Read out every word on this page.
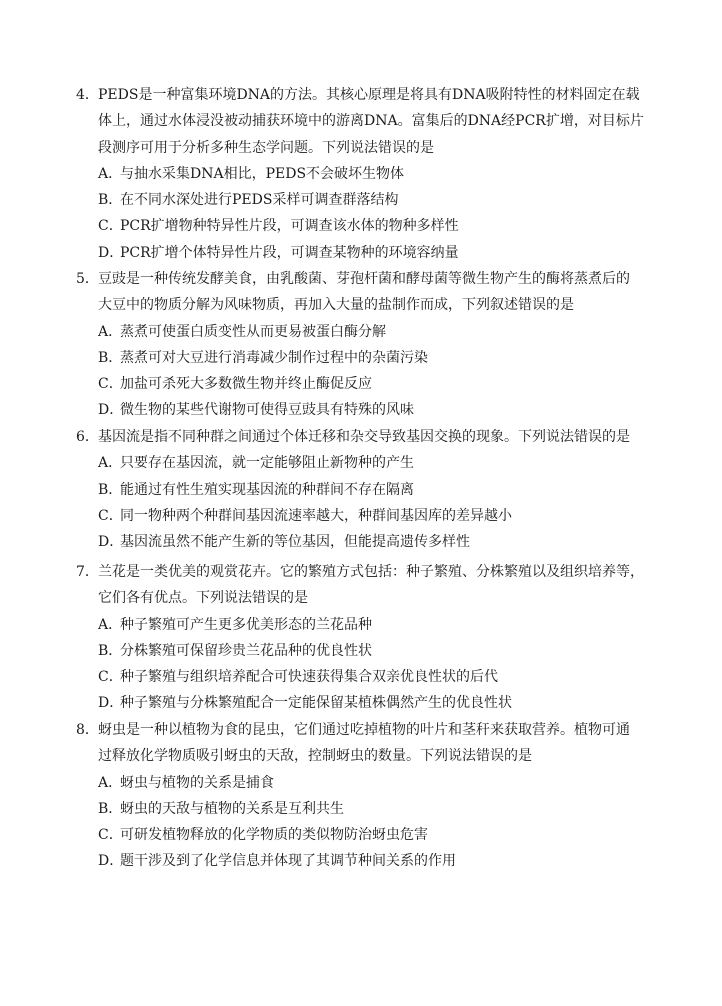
4．PEDS是一种富集环境DNA的方法。其核心原理是将具有DNA吸附特性的材料固定在载
体上，通过水体浸没被动捕获环境中的游离DNA。富集后的DNA经PCR扩增，对目标片
段测序可用于分析多种生态学问题。下列说法错误的是
A．与抽水采集DNA相比，PEDS不会破坏生物体
B．在不同水深处进行PEDS采样可调查群落结构
C．PCR扩增物种特异性片段，可调查该水体的物种多样性
D．PCR扩增个体特异性片段，可调查某物种的环境容纳量
5．豆豉是一种传统发酵美食，由乳酸菌、芽孢杆菌和酵母菌等微生物产生的酶将蒸煮后的
大豆中的物质分解为风味物质，再加入大量的盐制作而成，下列叙述错误的是
A．蒸煮可使蛋白质变性从而更易被蛋白酶分解
B．蒸煮可对大豆进行消毒减少制作过程中的杂菌污染
C．加盐可杀死大多数微生物并终止酶促反应
D．微生物的某些代谢物可使得豆豉具有特殊的风味
6．基因流是指不同种群之间通过个体迁移和杂交导致基因交换的现象。下列说法错误的是
A．只要存在基因流，就一定能够阻止新物种的产生
B．能通过有性生殖实现基因流的种群间不存在隔离
C．同一物种两个种群间基因流速率越大，种群间基因库的差异越小
D．基因流虽然不能产生新的等位基因，但能提高遗传多样性
7．兰花是一类优美的观赏花卉。它的繁殖方式包括：种子繁殖、分株繁殖以及组织培养等，
它们各有优点。下列说法错误的是
A．种子繁殖可产生更多优美形态的兰花品种
B．分株繁殖可保留珍贵兰花品种的优良性状
C．种子繁殖与组织培养配合可快速获得集合双亲优良性状的后代
D．种子繁殖与分株繁殖配合一定能保留某植株偶然产生的优良性状
8．蚜虫是一种以植物为食的昆虫，它们通过吃掉植物的叶片和茎秆来获取营养。植物可通
过释放化学物质吸引蚜虫的天敌，控制蚜虫的数量。下列说法错误的是
A．蚜虫与植物的关系是捕食
B．蚜虫的天敌与植物的关系是互利共生
C．可研发植物释放的化学物质的类似物防治蚜虫危害
D．题干涉及到了化学信息并体现了其调节种间关系的作用
